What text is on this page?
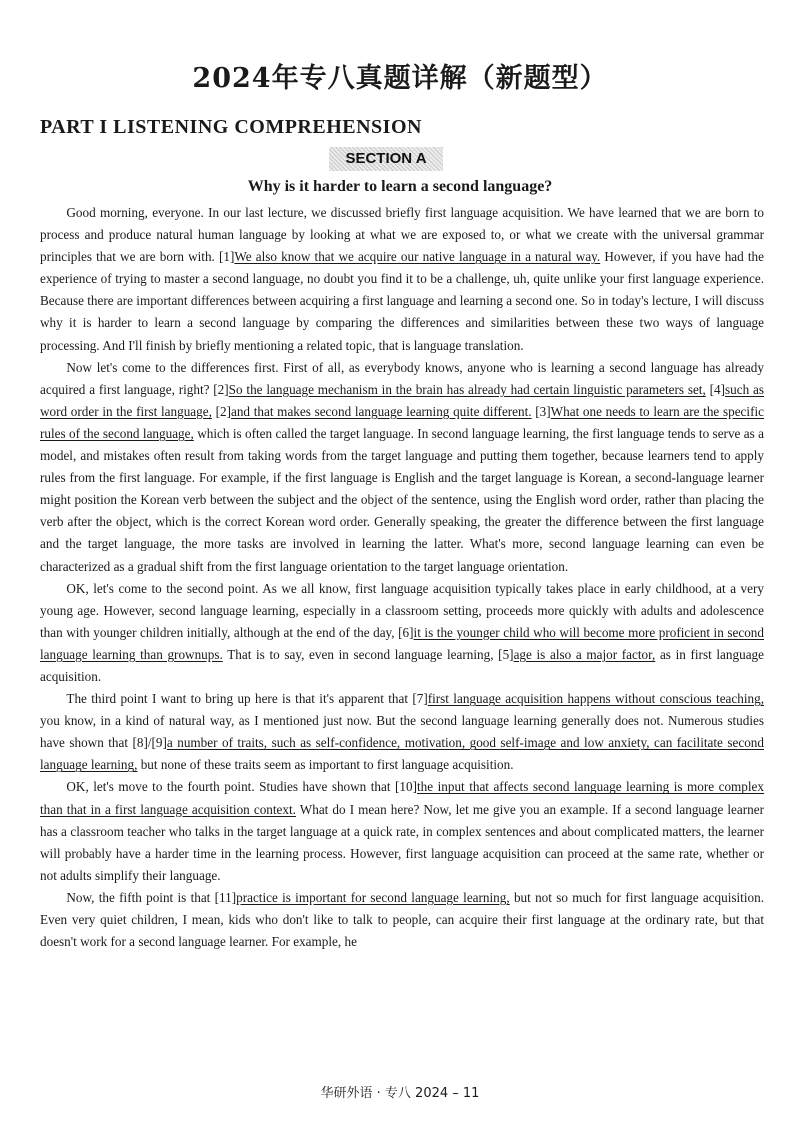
2024年专八真题详解（新题型）
PART I LISTENING COMPREHENSION
SECTION A
Why is it harder to learn a second language?

Good morning, everyone. In our last lecture, we discussed briefly first language acquisition. We have learned that we are born to process and produce natural human language by looking at what we are exposed to, or what we create with the universal grammar principles that we are born with. [1]We also know that we acquire our native language in a natural way. However, if you have had the experience of trying to master a second language, no doubt you find it to be a challenge, uh, quite unlike your first language experience. Because there are important differences between acquiring a first language and learning a second one. So in today's lecture, I will discuss why it is harder to learn a second language by comparing the differences and similarities between these two ways of language processing. And I'll finish by briefly mentioning a related topic, that is language translation.

Now let's come to the differences first. First of all, as everybody knows, anyone who is learning a second language has already acquired a first language, right? [2]So the language mechanism in the brain has already had certain linguistic parameters set, [4]such as word order in the first language, [2]and that makes second language learning quite different. [3]What one needs to learn are the specific rules of the second language, which is often called the target language. In second language learning, the first language tends to serve as a model, and mistakes often result from taking words from the target language and putting them together, because learners tend to apply rules from the first language. For example, if the first language is English and the target language is Korean, a second-language learner might position the Korean verb between the subject and the object of the sentence, using the English word order, rather than placing the verb after the object, which is the correct Korean word order. Generally speaking, the greater the difference between the first language and the target language, the more tasks are involved in learning the latter. What's more, second language learning can even be characterized as a gradual shift from the first language orientation to the target language orientation.

OK, let's come to the second point. As we all know, first language acquisition typically takes place in early childhood, at a very young age. However, second language learning, especially in a classroom setting, proceeds more quickly with adults and adolescence than with younger children initially, although at the end of the day, [6]it is the younger child who will become more proficient in second language learning than grownups. That is to say, even in second language learning, [5]age is also a major factor, as in first language acquisition.

The third point I want to bring up here is that it's apparent that [7]first language acquisition happens without conscious teaching, you know, in a kind of natural way, as I mentioned just now. But the second language learning generally does not. Numerous studies have shown that [8]/[9]a number of traits, such as self-confidence, motivation, good self-image and low anxiety, can facilitate second language learning, but none of these traits seem as important to first language acquisition.

OK, let's move to the fourth point. Studies have shown that [10]the input that affects second language learning is more complex than that in a first language acquisition context. What do I mean here? Now, let me give you an example. If a second language learner has a classroom teacher who talks in the target language at a quick rate, in complex sentences and about complicated matters, the learner will probably have a harder time in the learning process. However, first language acquisition can proceed at the same rate, whether or not adults simplify their language.

Now, the fifth point is that [11]practice is important for second language learning, but not so much for first language acquisition. Even very quiet children, I mean, kids who don't like to talk to people, can acquire their first language at the ordinary rate, but that doesn't work for a second language learner. For example, he

华研外语 · 专八 2024 – 11
